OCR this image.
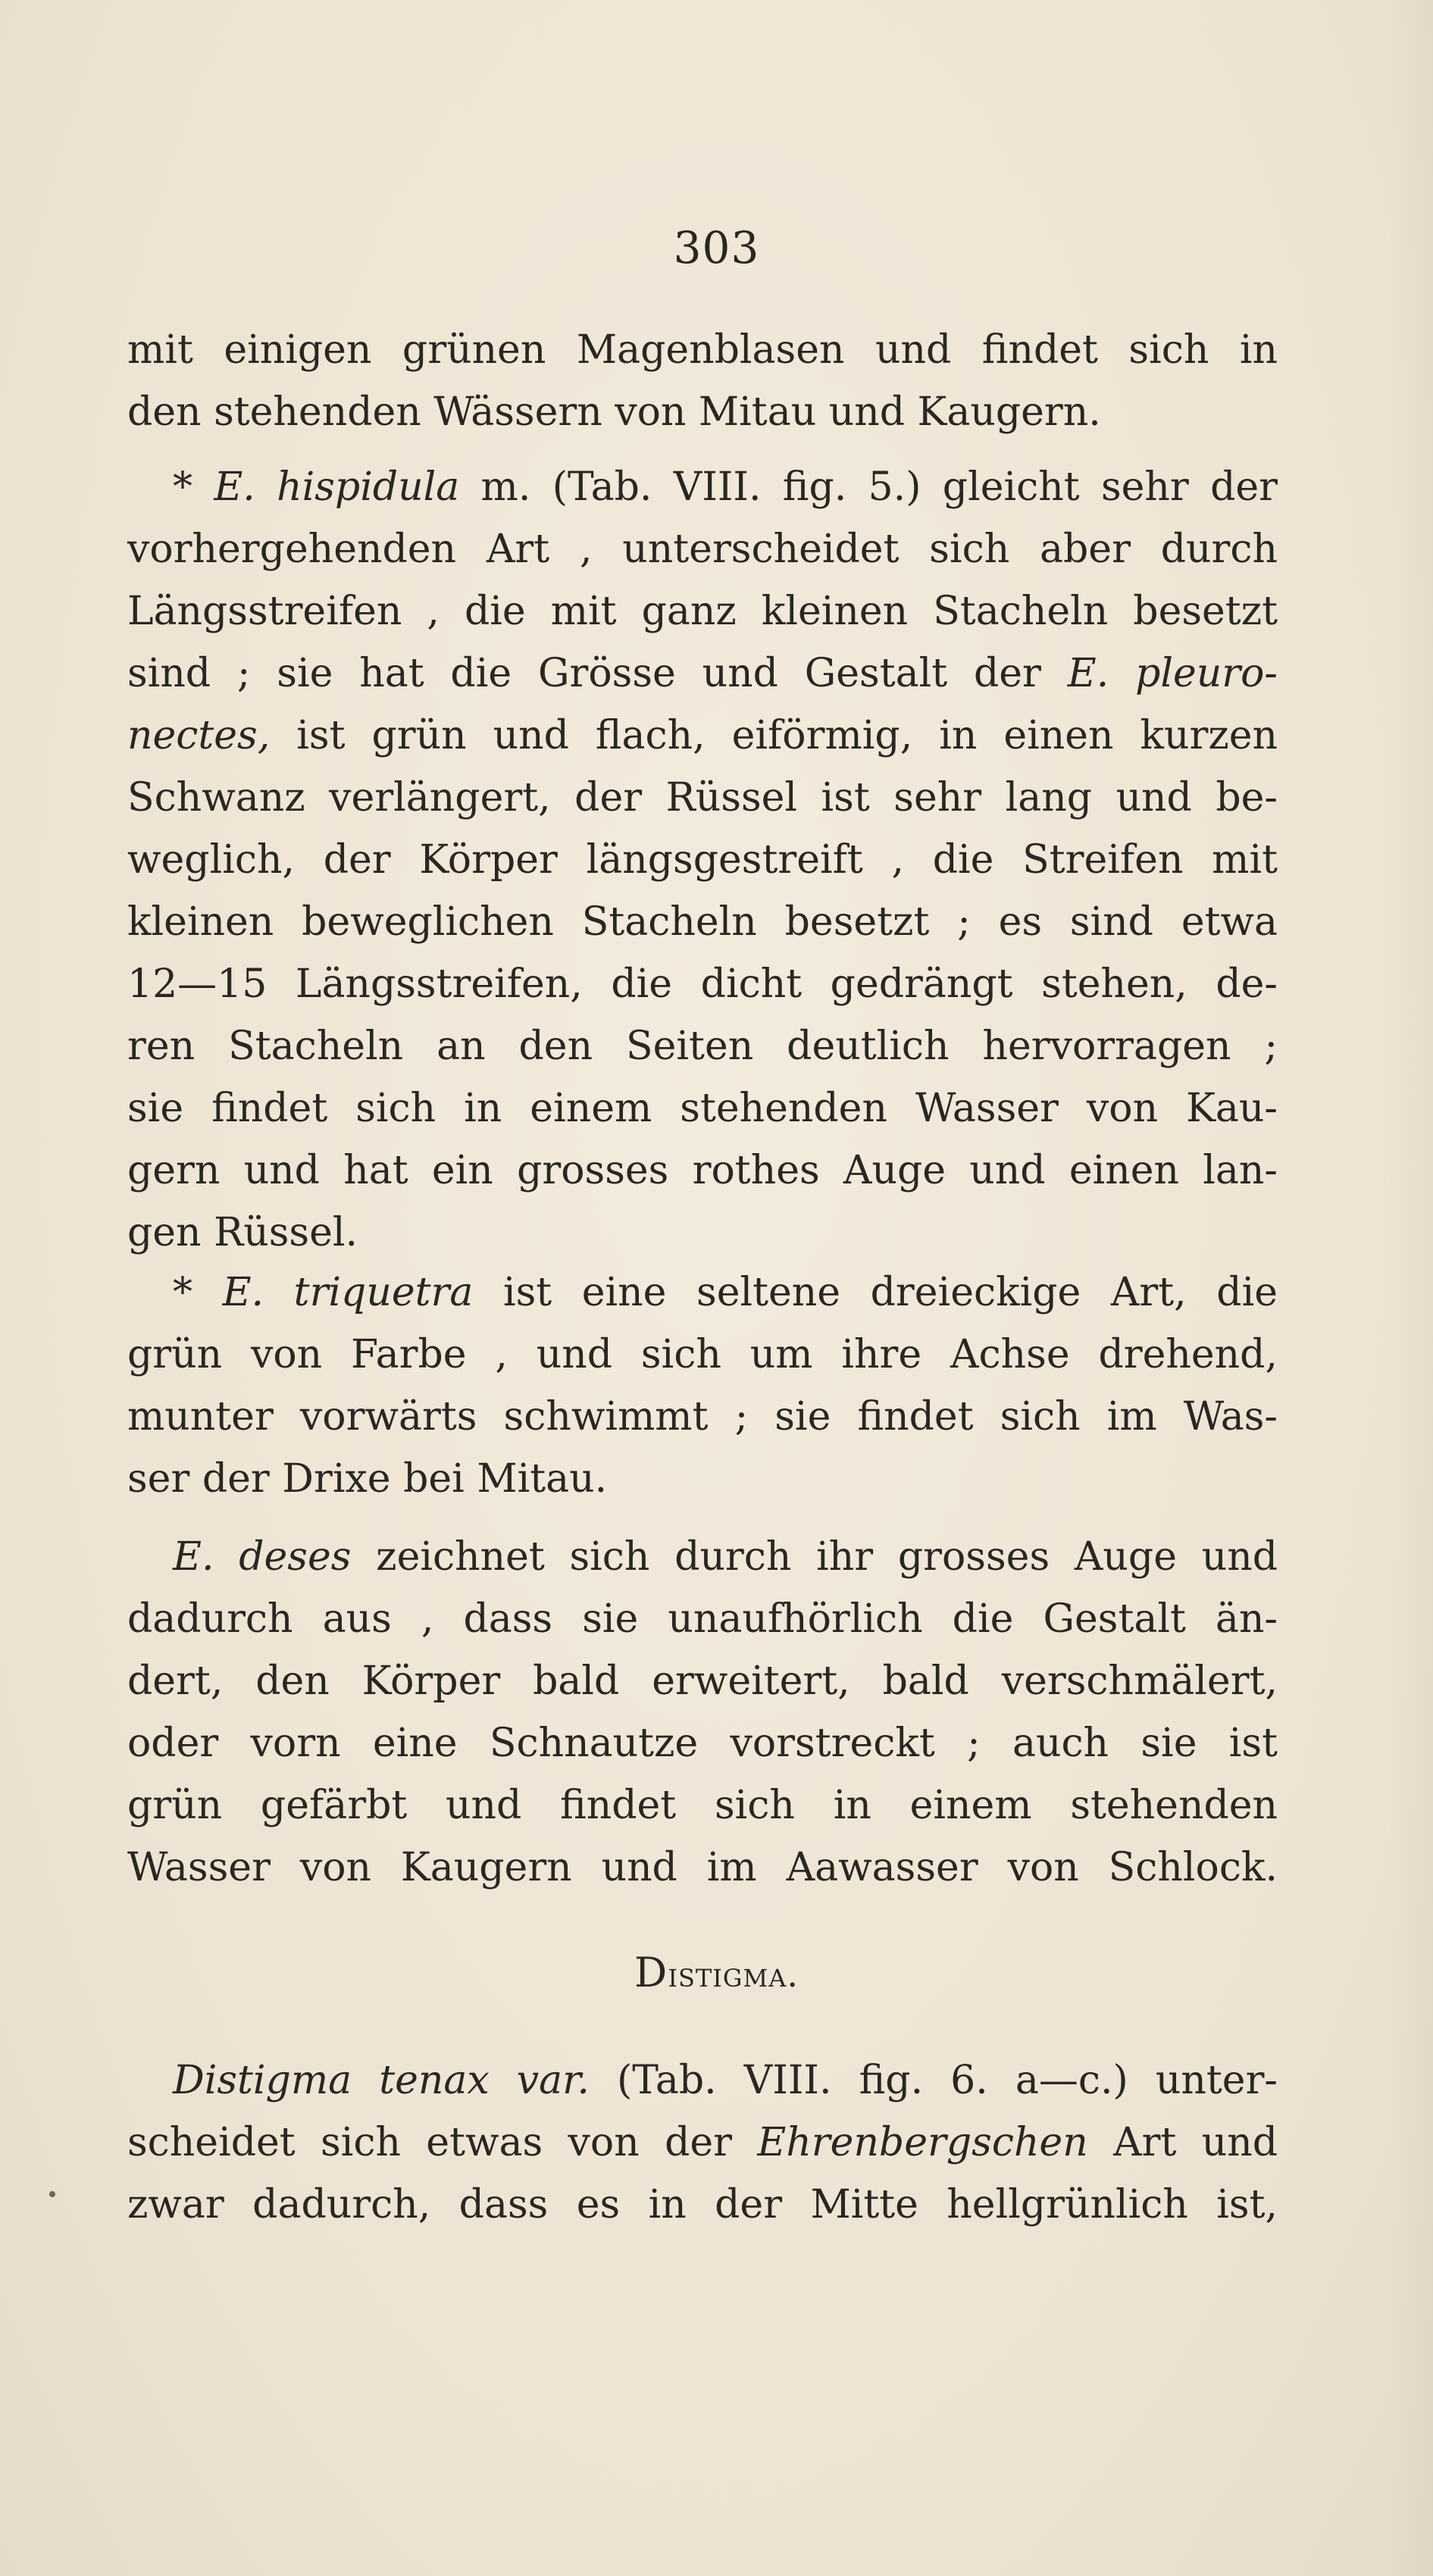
303
mit einigen grünen Magenblasen und findet sich in
den stehenden Wässern von Mitau und Kaugern.
* E. hispidula m. (Tab. VIII. fig. 5.) gleicht sehr der
vorhergehenden Art , unterscheidet sich aber durch
Längsstreifen , die mit ganz kleinen Stacheln besetzt
sind ; sie hat die Grösse und Gestalt der E. pleuro-
nectes, ist grün und flach, eiförmig, in einen kurzen
Schwanz verlängert, der Rüssel ist sehr lang und be-
weglich, der Körper längsgestreift , die Streifen mit
kleinen beweglichen Stacheln besetzt ; es sind etwa
12—15 Längsstreifen, die dicht gedrängt stehen, de-
ren Stacheln an den Seiten deutlich hervorragen ;
sie findet sich in einem stehenden Wasser von Kau-
gern und hat ein grosses rothes Auge und einen lan-
gen Rüssel.
* E. triquetra ist eine seltene dreieckige Art, die
grün von Farbe , und sich um ihre Achse drehend,
munter vorwärts schwimmt ; sie findet sich im Was-
ser der Drixe bei Mitau.
E. deses zeichnet sich durch ihr grosses Auge und
dadurch aus , dass sie unaufhörlich die Gestalt än-
dert, den Körper bald erweitert, bald verschmälert,
oder vorn eine Schnautze vorstreckt ; auch sie ist
grün gefärbt und findet sich in einem stehenden
Wasser von Kaugern und im Aawasser von Schlock.
Distigma tenax var. (Tab. VIII. fig. 6. a—c.) unter-
scheidet sich etwas von der Ehrenbergschen Art und
zwar dadurch, dass es in der Mitte hellgrünlich ist,
Distigma.
